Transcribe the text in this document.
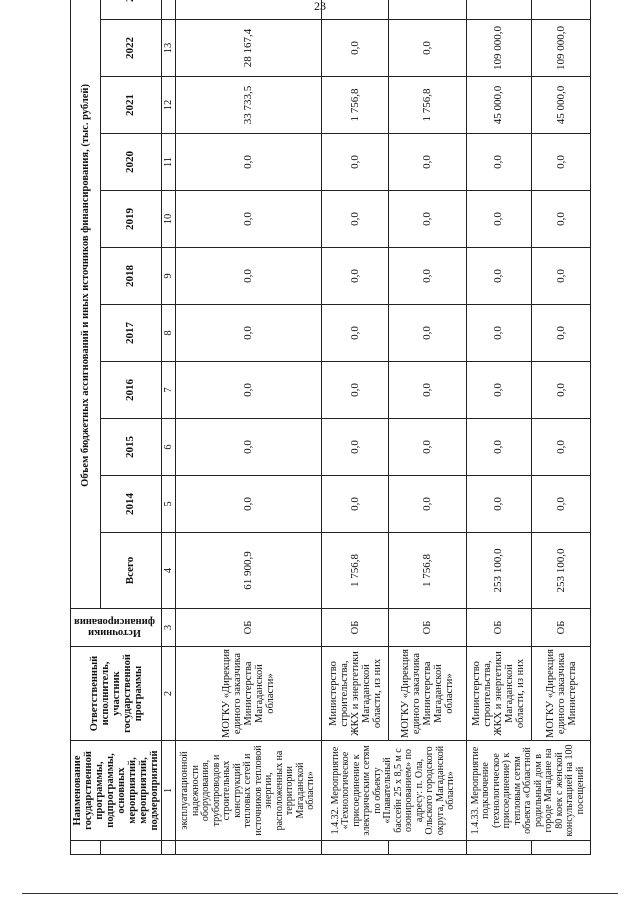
23
	Наименование государственной программы, подпрограммы, основных мероприятий, мероприятий, подмероприятий	Ответственный исполнитель, участник государственной программы	Источники финансирования	Объем бюджетных ассигнований и иных источников финансирования, (тыс. рублей)										
				Всего	2014	2015	2016	2017	2018	2019	2020	2021	2022	
	1	2	3	4	5	6	7	8	9	10	11	12	13	
	эксплуатационной надежности оборудования, трубопроводов и строительных конструкций тепловых сетей и источников тепловой энергии, расположенных на территории Магаданской области»	МОГКУ «Дирекция единого заказчика Министерства Магаданской области»	ОБ	61 900,9	0,0	0,0	0,0	0,0	0,0	0,0	0,0	33 733,5	28 167,4	
	1.4.32. Мероприятие «Технологическое присоединение к электрическим сетям по объекту «Плавательный бассейн 25 х 8,5 м с озонированием» по адресу: п. Ола, Ольского городского округа, Магаданской области»	Министерство строительства, ЖКХ и энергетики Магаданской области, из них	ОБ	1 756,8	0,0	0,0	0,0	0,0	0,0	0,0	0,0	1 756,8	0,0	
		МОГКУ «Дирекция единого заказчика Министерства Магаданской области»	ОБ	1 756,8	0,0	0,0	0,0	0,0	0,0	0,0	0,0	1 756,8	0,0	
	1.4.33. Мероприятие подключение (технологическое присоединение) к тепловым сетям объекта «Областной родильный дом в городе Магадане на 80 коек с женской консультацией на 100 посещений	Министерство строительства, ЖКХ и энергетики Магаданской области, из них	ОБ	253 100,0	0,0	0,0	0,0	0,0	0,0	0,0	0,0	45 000,0	109 000,0	
		МОГКУ «Дирекция единого заказчика Министерства	ОБ	253 100,0	0,0	0,0	0,0	0,0	0,0	0,0	0,0	45 000,0	109 000,0	
